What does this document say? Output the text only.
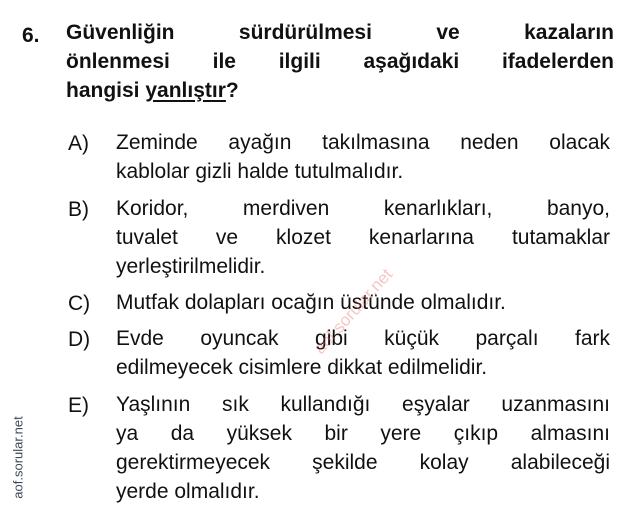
6. Güvenliğin sürdürülmesi ve kazaların
önlenmesi ile ilgili aşağıdaki ifadelerden
hangisi yanlıştır?
A) Zeminde ayağın takılmasına neden olacak
kablolar gizli halde tutulmalıdır.
B) Koridor, merdiven kenarlıkları, banyo,
tuvalet ve klozet kenarlarına tutamaklar
yerleştirilmelidir.
C) Mutfak dolapları ocağın üstünde olmalıdır.
D) Evde oyuncak gibi küçük parçalı fark
edilmeyecek cisimlere dikkat edilmelidir.
E) Yaşlının sık kullandığı eşyalar uzanmasını
ya da yüksek bir yere çıkıp almasını
gerektirmeyecek şekilde kolay alabileceği
yerde olmalıdır.
aof.sorular.net
aof.sorular.net
